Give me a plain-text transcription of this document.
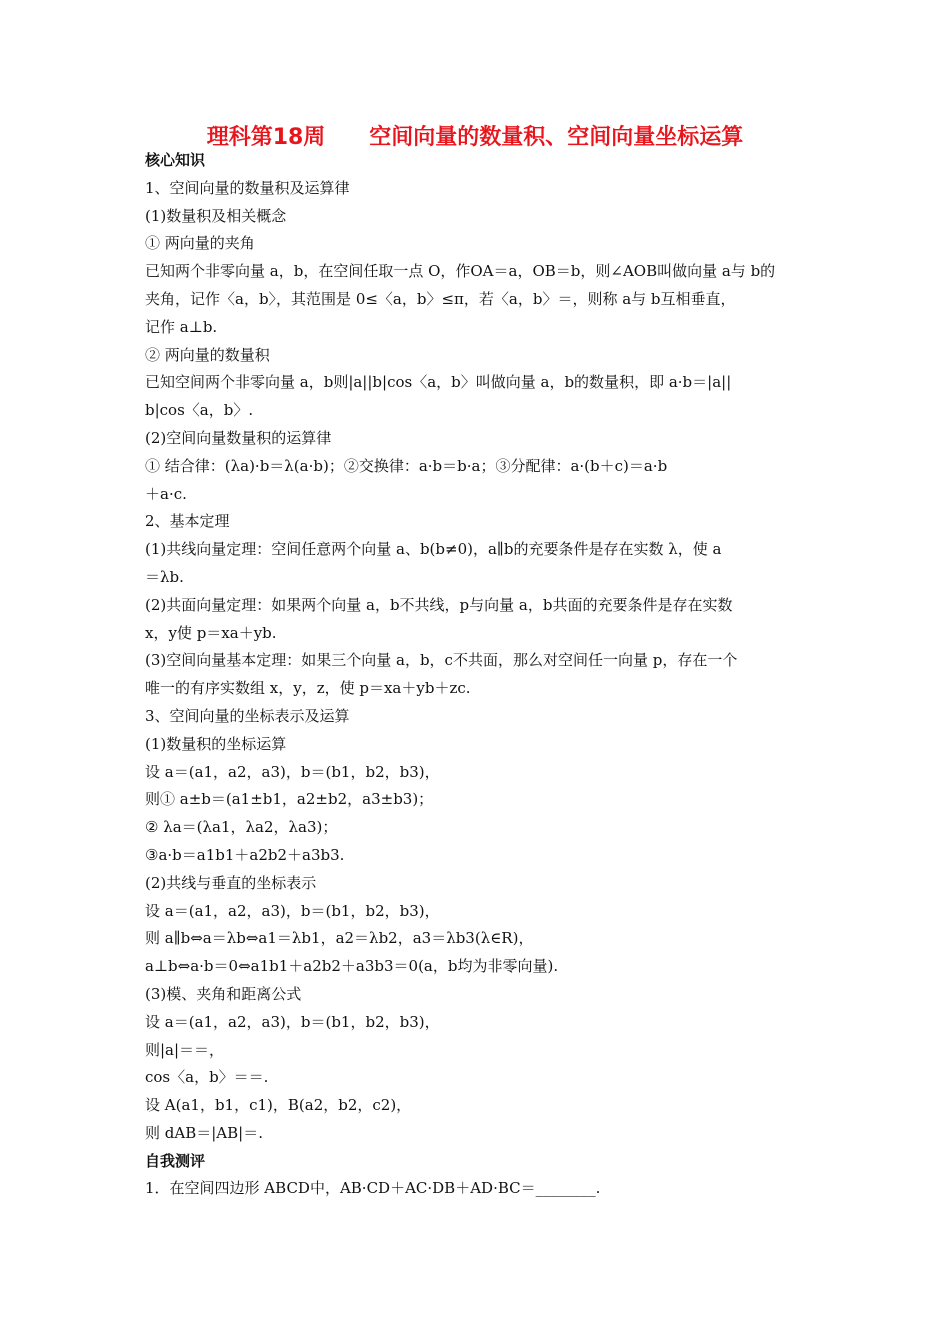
理科第18周　　空间向量的数量积、空间向量坐标运算
核心知识
1、空间向量的数量积及运算律
(1)数量积及相关概念
① 两向量的夹角
已知两个非零向量 a，b，在空间任取一点 O，作OA＝a，OB＝b，则∠AOB叫做向量 a与 b的
夹角，记作〈a，b〉，其范围是 0≤〈a，b〉≤π，若〈a，b〉＝，则称 a与 b互相垂直，
记作 a⊥b.
② 两向量的数量积
已知空间两个非零向量 a，b则|a||b|cos〈a，b〉叫做向量 a，b的数量积，即 a·b＝|a||
b|cos〈a，b〉.
(2)空间向量数量积的运算律
① 结合律：(λa)·b＝λ(a·b)；②交换律：a·b＝b·a；③分配律：a·(b＋c)＝a·b
＋a·c.
2、基本定理
(1)共线向量定理：空间任意两个向量 a、b(b≠0)，a∥b的充要条件是存在实数 λ，使 a
＝λb.
(2)共面向量定理：如果两个向量 a，b不共线，p与向量 a，b共面的充要条件是存在实数
x，y使 p＝xa＋yb.
(3)空间向量基本定理：如果三个向量 a，b，c不共面，那么对空间任一向量 p，存在一个
唯一的有序实数组 x，y，z，使 p＝xa＋yb＋zc.
3、空间向量的坐标表示及运算
(1)数量积的坐标运算
设 a＝(a1，a2，a3)，b＝(b1，b2，b3)，
则① a±b＝(a1±b1，a2±b2，a3±b3)；
② λa＝(λa1，λa2，λa3)；
③a·b＝a1b1＋a2b2＋a3b3.
(2)共线与垂直的坐标表示
设 a＝(a1，a2，a3)，b＝(b1，b2，b3)，
则 a∥b⇔a＝λb⇔a1＝λb1，a2＝λb2，a3＝λb3(λ∈R)，
a⊥b⇔a·b＝0⇔a1b1＋a2b2＋a3b3＝0(a，b均为非零向量).
(3)模、夹角和距离公式
设 a＝(a1，a2，a3)，b＝(b1，b2，b3)，
则|a|＝＝，
cos〈a，b〉＝＝.
设 A(a1，b1，c1)，B(a2，b2，c2)，
则 dAB＝|AB|＝.
自我测评
1．在空间四边形 ABCD中，AB·CD＋AC·DB＋AD·BC＝________.
